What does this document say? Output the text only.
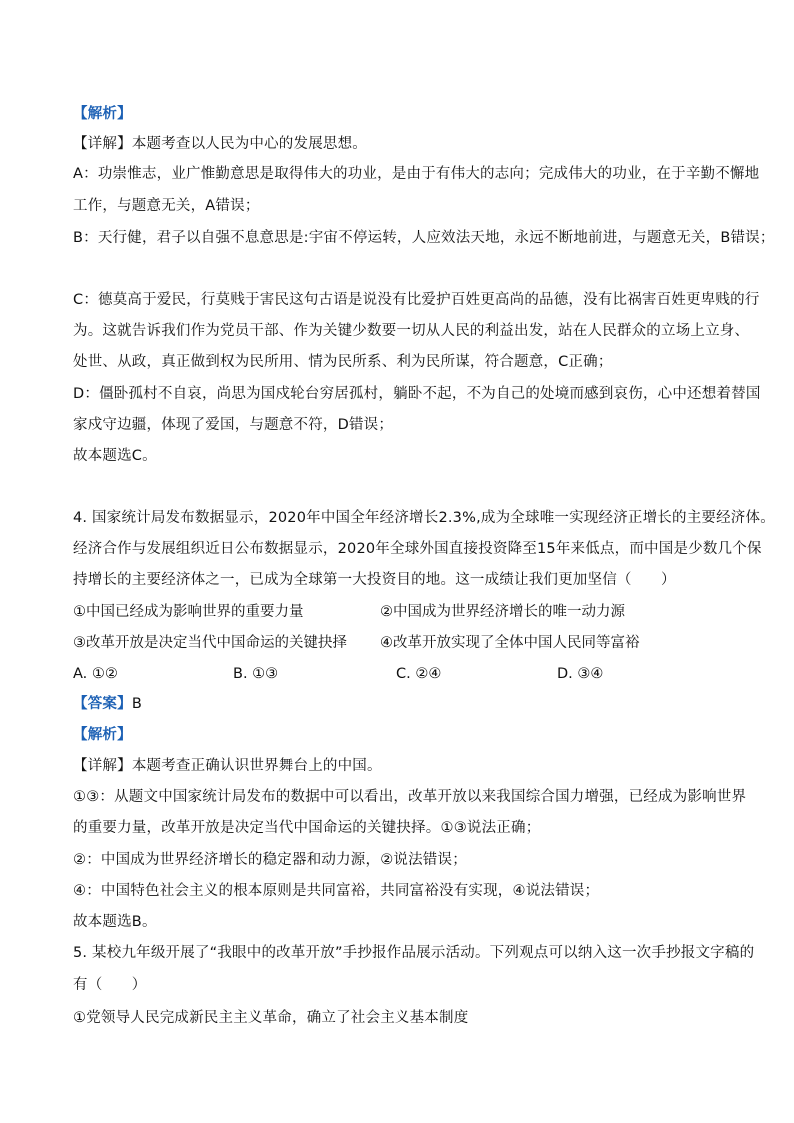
【解析】
【详解】本题考查以人民为中心的发展思想。
A：功崇惟志，业广惟勤意思是取得伟大的功业，是由于有伟大的志向；完成伟大的功业，在于辛勤不懈地
工作，与题意无关，A错误；
B：天行健，君子以自强不息意思是:宇宙不停运转，人应效法天地，永远不断地前进，与题意无关，B错误；
C：德莫高于爱民，行莫贱于害民这句古语是说没有比爱护百姓更高尚的品德，没有比祸害百姓更卑贱的行
为。这就告诉我们作为党员干部、作为关键少数要一切从人民的利益出发，站在人民群众的立场上立身、
处世、从政，真正做到权为民所用、情为民所系、利为民所谋，符合题意，C正确；
D：僵卧孤村不自哀，尚思为国戍轮台穷居孤村，躺卧不起，不为自己的处境而感到哀伤，心中还想着替国
家戍守边疆，体现了爱国，与题意不符，D错误；
故本题选C。
4. 国家统计局发布数据显示，2020年中国全年经济增长2.3%,成为全球唯一实现经济正增长的主要经济体。
经济合作与发展组织近日公布数据显示，2020年全球外国直接投资降至15年来低点，而中国是少数几个保
持增长的主要经济体之一，已成为全球第一大投资目的地。这一成绩让我们更加坚信（　　）
①中国已经成为影响世界的重要力量	②中国成为世界经济增长的唯一动力源
③改革开放是决定当代中国命运的关键抉择 ④改革开放实现了全体中国人民同等富裕
A. ①②	B. ①③	C. ②④	D. ③④
【答案】B
【解析】
【详解】本题考查正确认识世界舞台上的中国。
①③：从题文中国家统计局发布的数据中可以看出，改革开放以来我国综合国力增强，已经成为影响世界
的重要力量，改革开放是决定当代中国命运的关键抉择。①③说法正确；
②：中国成为世界经济增长的稳定器和动力源，②说法错误；
④：中国特色社会主义的根本原则是共同富裕，共同富裕没有实现，④说法错误；
故本题选B。
5. 某校九年级开展了“我眼中的改革开放”手抄报作品展示活动。下列观点可以纳入这一次手抄报文字稿的
有（　　）
①党领导人民完成新民主主义革命，确立了社会主义基本制度
